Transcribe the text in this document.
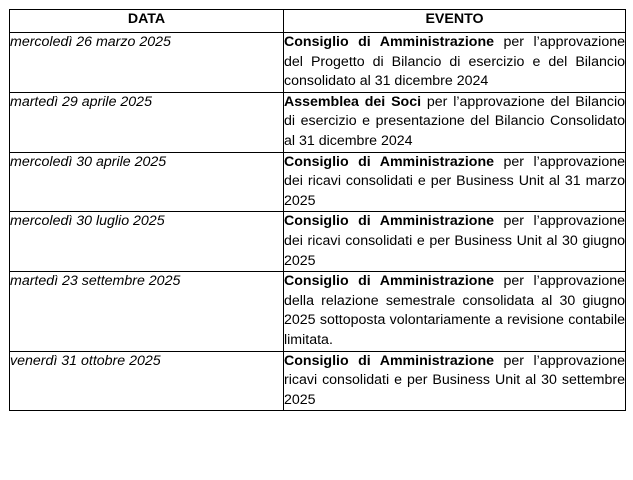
DATA	EVENTO
mercoledì 26 marzo 2025	Consiglio di Amministrazione per l’approvazione del Progetto di Bilancio di esercizio e del Bilancio consolidato al 31 dicembre 2024
martedì 29 aprile 2025	Assemblea dei Soci per l’approvazione del Bilancio di esercizio e presentazione del Bilancio Consolidato al 31 dicembre 2024
mercoledì 30 aprile 2025	Consiglio di Amministrazione per l’approvazione dei ricavi consolidati e per Business Unit al 31 marzo 2025
mercoledì 30 luglio 2025	Consiglio di Amministrazione per l’approvazione dei ricavi consolidati e per Business Unit al 30 giugno 2025
martedì 23 settembre 2025	Consiglio di Amministrazione per l’approvazione della relazione semestrale consolidata al 30 giugno 2025 sottoposta volontariamente a revisione contabile limitata.
venerdì 31 ottobre 2025	Consiglio di Amministrazione per l’approvazione ricavi consolidati e per Business Unit al 30 settembre 2025
